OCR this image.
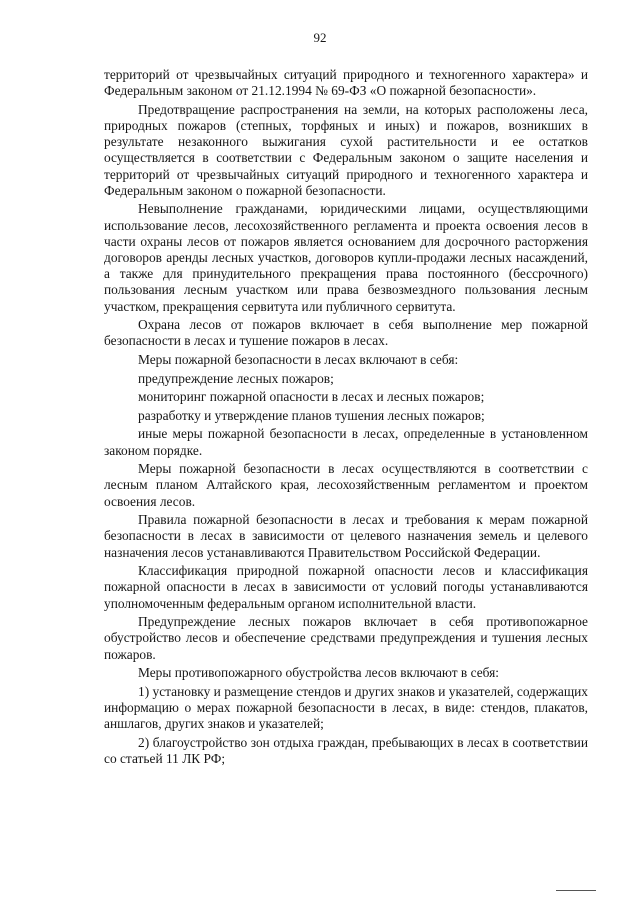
92

территорий от чрезвычайных ситуаций природного и техногенного характера» и Федеральным законом от 21.12.1994 № 69-ФЗ «О пожарной безопасности».

Предотвращение распространения на земли, на которых расположены леса, природных пожаров (степных, торфяных и иных) и пожаров, возникших в результате незаконного выжигания сухой растительности и ее остатков осуществляется в соответствии с Федеральным законом о защите населения и территорий от чрезвычайных ситуаций природного и техногенного характера и Федеральным законом о пожарной безопасности.

Невыполнение гражданами, юридическими лицами, осуществляющими использование лесов, лесохозяйственного регламента и проекта освоения лесов в части охраны лесов от пожаров является основанием для досрочного расторжения договоров аренды лесных участков, договоров купли-продажи лесных насаждений, а также для принудительного прекращения права постоянного (бессрочного) пользования лесным участком или права безвозмездного пользования лесным участком, прекращения сервитута или публичного сервитута.

Охрана лесов от пожаров включает в себя выполнение мер пожарной безопасности в лесах и тушение пожаров в лесах.

Меры пожарной безопасности в лесах включают в себя:

предупреждение лесных пожаров;

мониторинг пожарной опасности в лесах и лесных пожаров;

разработку и утверждение планов тушения лесных пожаров;

иные меры пожарной безопасности в лесах, определенные в установленном законом порядке.

Меры пожарной безопасности в лесах осуществляются в соответствии с лесным планом Алтайского края, лесохозяйственным регламентом и проектом освоения лесов.

Правила пожарной безопасности в лесах и требования к мерам пожарной безопасности в лесах в зависимости от целевого назначения земель и целевого назначения лесов устанавливаются Правительством Российской Федерации.

Классификация природной пожарной опасности лесов и классификация пожарной опасности в лесах в зависимости от условий погоды устанавливаются уполномоченным федеральным органом исполнительной власти.

Предупреждение лесных пожаров включает в себя противопожарное обустройство лесов и обеспечение средствами предупреждения и тушения лесных пожаров.

Меры противопожарного обустройства лесов включают в себя:

1) установку и размещение стендов и других знаков и указателей, содержащих информацию о мерах пожарной безопасности в лесах, в виде: стендов, плакатов, аншлагов, других знаков и указателей;

2) благоустройство зон отдыха граждан, пребывающих в лесах в соответствии со статьей 11 ЛК РФ;
